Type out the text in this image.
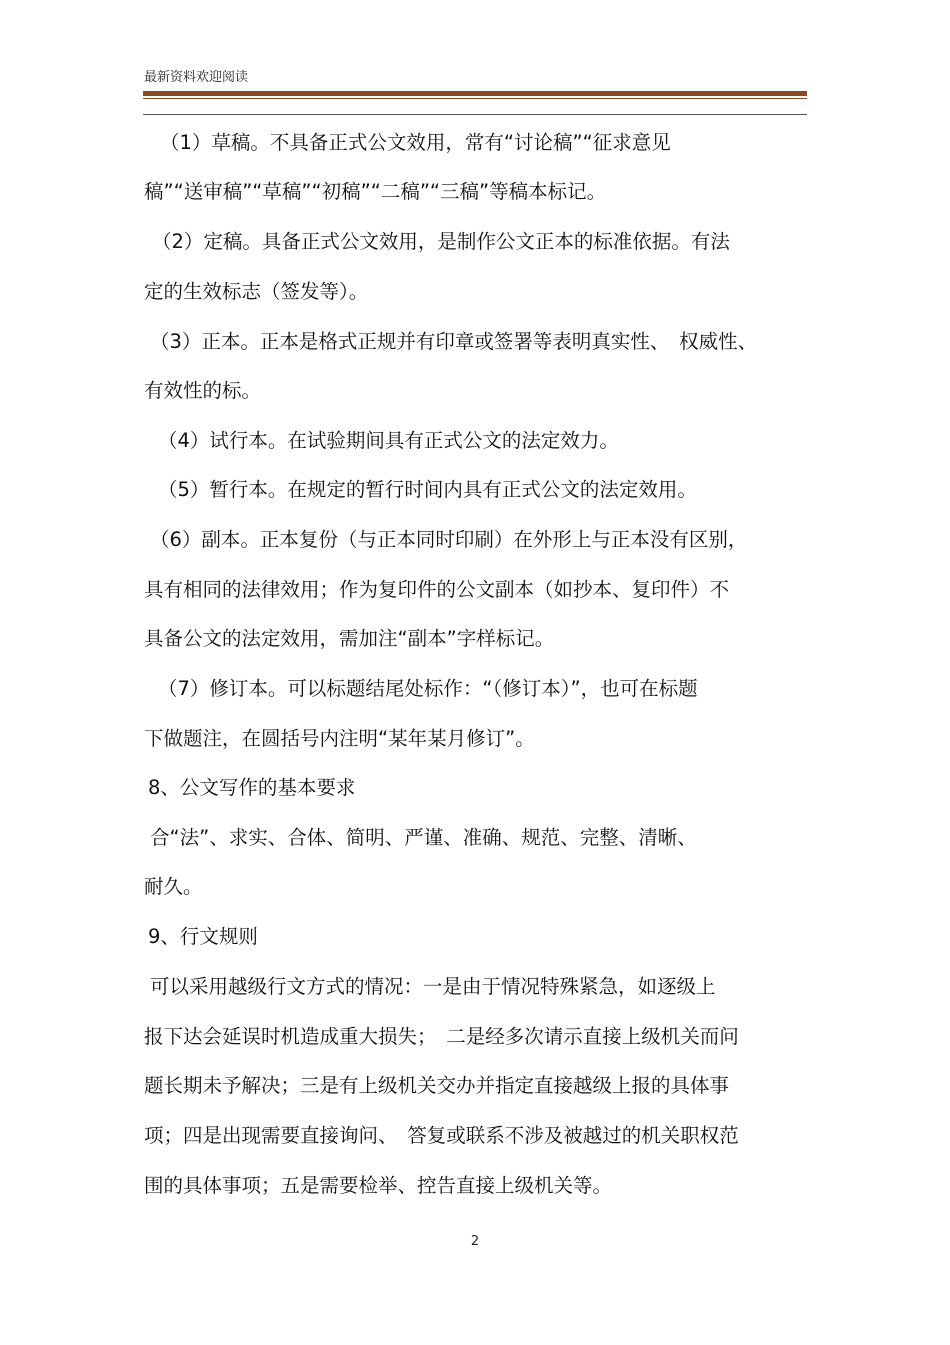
最新资料欢迎阅读
（1）草稿。不具备正式公文效用，常有“讨论稿”“征求意见
稿”“送审稿”“草稿”“初稿”“二稿”“三稿”等稿本标记。
（2）定稿。具备正式公文效用，是制作公文正本的标准依据。有法
定的生效标志（签发等）。
（3）正本。正本是格式正规并有印章或签署等表明真实性、　权威性、
有效性的标。
（4）试行本。在试验期间具有正式公文的法定效力。
（5）暂行本。在规定的暂行时间内具有正式公文的法定效用。
（6）副本。正本复份（与正本同时印刷）在外形上与正本没有区别，
具有相同的法律效用；作为复印件的公文副本（如抄本、复印件）不
具备公文的法定效用，需加注“副本”字样标记。
（7）修订本。可以标题结尾处标作：“（修订本）”，也可在标题
下做题注，在圆括号内注明“某年某月修订”。
8、公文写作的基本要求
合“法”、求实、合体、简明、严谨、准确、规范、完整、清晰、
耐久。
9、行文规则
可以采用越级行文方式的情况：一是由于情况特殊紧急，如逐级上
报下达会延误时机造成重大损失；　二是经多次请示直接上级机关而问
题长期未予解决；三是有上级机关交办并指定直接越级上报的具体事
项；四是出现需要直接询问、　答复或联系不涉及被越过的机关职权范
围的具体事项；五是需要检举、控告直接上级机关等。
2
